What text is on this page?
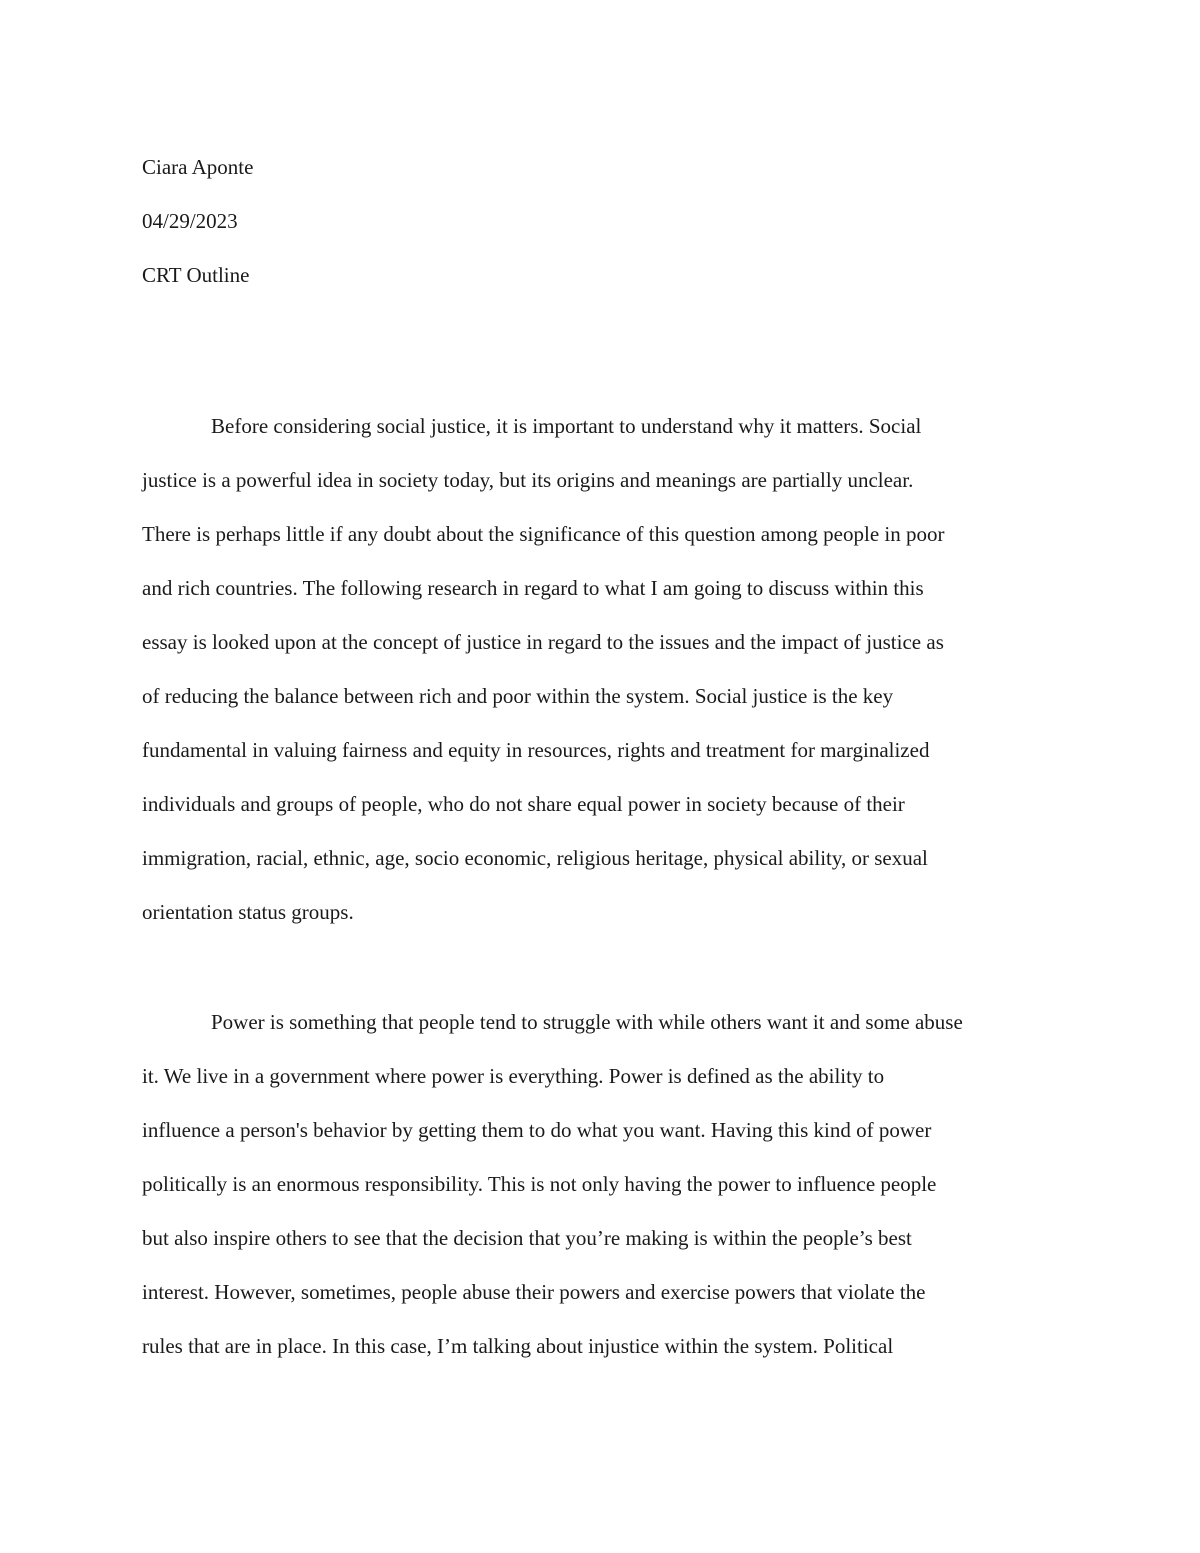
Ciara Aponte
04/29/2023
CRT Outline
Before considering social justice, it is important to understand why it matters. Social
justice is a powerful idea in society today, but its origins and meanings are partially unclear.
There is perhaps little if any doubt about the significance of this question among people in poor
and rich countries. The following research in regard to what I am going to discuss within this
essay is looked upon at the concept of justice in regard to the issues and the impact of justice as
of reducing the balance between rich and poor within the system. Social justice is the key
fundamental in valuing fairness and equity in resources, rights and treatment for marginalized
individuals and groups of people, who do not share equal power in society because of their
immigration, racial, ethnic, age, socio economic, religious heritage, physical ability, or sexual
orientation status groups.
Power is something that people tend to struggle with while others want it and some abuse
it. We live in a government where power is everything. Power is defined as the ability to
influence a person's behavior by getting them to do what you want. Having this kind of power
politically is an enormous responsibility. This is not only having the power to influence people
but also inspire others to see that the decision that you’re making is within the people’s best
interest. However, sometimes, people abuse their powers and exercise powers that violate the
rules that are in place. In this case, I’m talking about injustice within the system. Political
